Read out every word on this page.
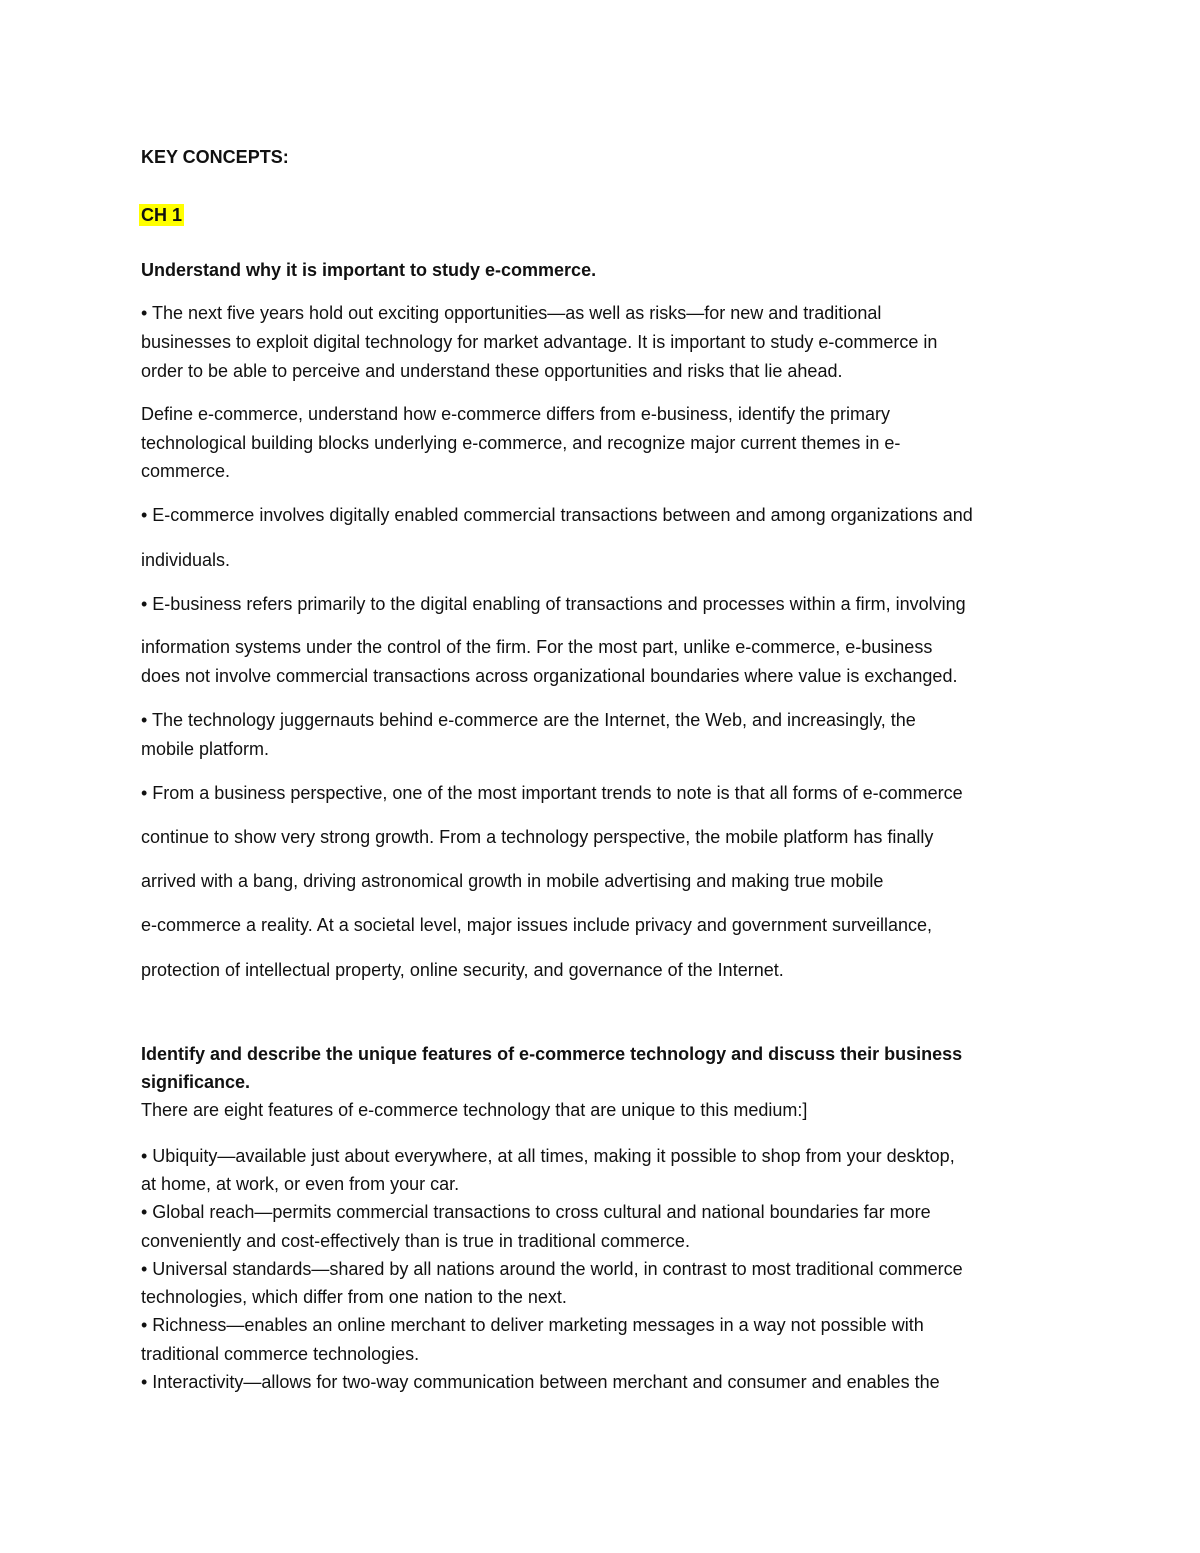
KEY CONCEPTS:

CH 1

Understand why it is important to study e-commerce.

• The next five years hold out exciting opportunities—as well as risks—for new and traditional

businesses to exploit digital technology for market advantage. It is important to study e-commerce in

order to be able to perceive and understand these opportunities and risks that lie ahead.

Define e-commerce, understand how e-commerce differs from e-business, identify the primary

technological building blocks underlying e-commerce, and recognize major current themes in e-

commerce.

• E-commerce involves digitally enabled commercial transactions between and among organizations and

individuals.

• E-business refers primarily to the digital enabling of transactions and processes within a firm, involving

information systems under the control of the firm. For the most part, unlike e-commerce, e-business

does not involve commercial transactions across organizational boundaries where value is exchanged.

• The technology juggernauts behind e-commerce are the Internet, the Web, and increasingly, the

mobile platform.

• From a business perspective, one of the most important trends to note is that all forms of e-commerce

continue to show very strong growth. From a technology perspective, the mobile platform has finally

arrived with a bang, driving astronomical growth in mobile advertising and making true mobile

e-commerce a reality. At a societal level, major issues include privacy and government surveillance,

protection of intellectual property, online security, and governance of the Internet.

Identify and describe the unique features of e-commerce technology and discuss their business

significance.

There are eight features of e-commerce technology that are unique to this medium:]

• Ubiquity—available just about everywhere, at all times, making it possible to shop from your desktop,

at home, at work, or even from your car.

• Global reach—permits commercial transactions to cross cultural and national boundaries far more

conveniently and cost-effectively than is true in traditional commerce.

• Universal standards—shared by all nations around the world, in contrast to most traditional commerce

technologies, which differ from one nation to the next.

• Richness—enables an online merchant to deliver marketing messages in a way not possible with

traditional commerce technologies.

• Interactivity—allows for two-way communication between merchant and consumer and enables the
